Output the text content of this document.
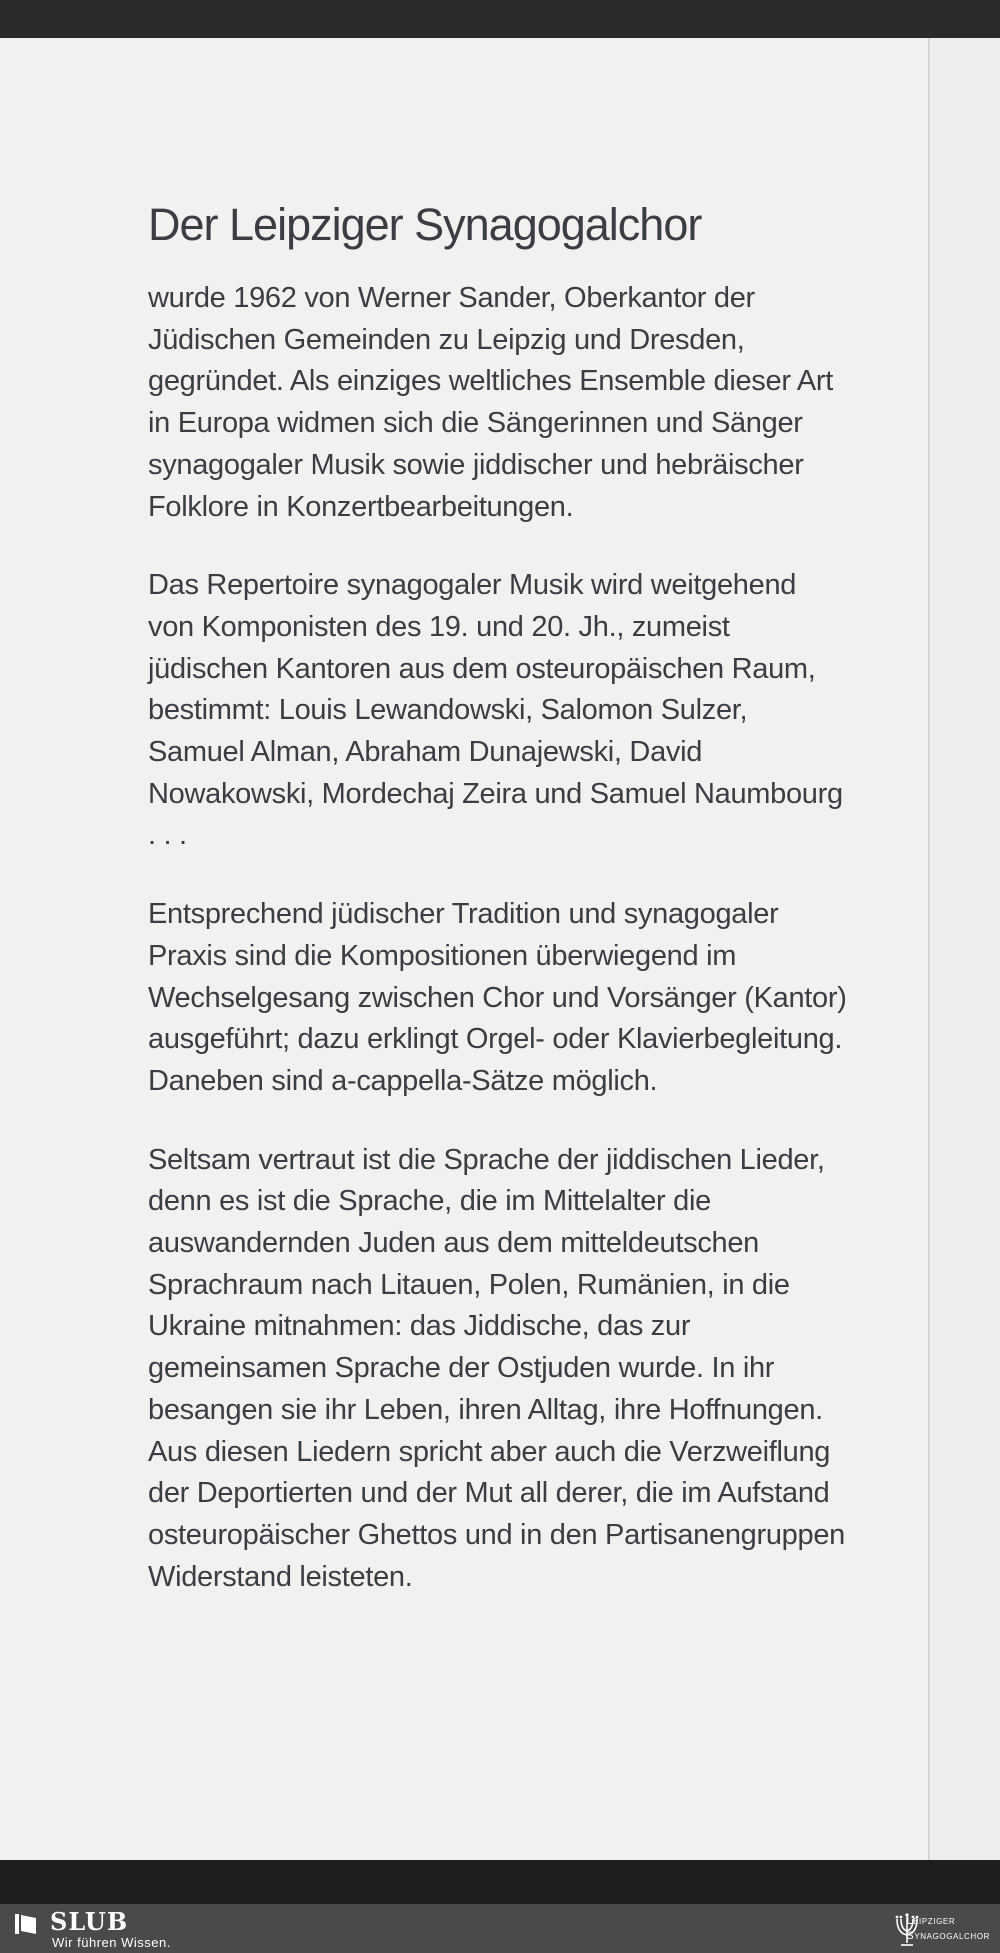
Der Leipziger Synagogalchor

wurde 1962 von Werner Sander, Oberkantor der Jüdischen Gemeinden zu Leipzig und Dresden, gegründet. Als einziges weltliches Ensemble dieser Art in Europa widmen sich die Sängerinnen und Sänger synagogaler Musik sowie jiddischer und hebräischer Folklore in Konzertbearbeitungen.

Das Repertoire synagogaler Musik wird weitgehend von Komponisten des 19. und 20. Jh., zumeist jüdischen Kantoren aus dem osteuropäischen Raum, bestimmt: Louis Lewandowski, Salomon Sulzer, Samuel Alman, Abraham Dunajewski, David Nowakowski, Mordechaj Zeira und Samuel Naumbourg . . .

Entsprechend jüdischer Tradition und synagogaler Praxis sind die Kompositionen überwiegend im Wechselgesang zwischen Chor und Vorsänger (Kantor) ausgeführt; dazu erklingt Orgel- oder Klavierbegleitung. Daneben sind a-cappella-Sätze möglich.

Seltsam vertraut ist die Sprache der jiddischen Lieder, denn es ist die Sprache, die im Mittelalter die auswandernden Juden aus dem mitteldeutschen Sprachraum nach Litauen, Polen, Rumänien, in die Ukraine mitnahmen: das Jiddische, das zur gemeinsamen Sprache der Ostjuden wurde. In ihr besangen sie ihr Leben, ihren Alltag, ihre Hoffnungen. Aus diesen Liedern spricht aber auch die Verzweiflung der Deportierten und der Mut all derer, die im Aufstand osteuropäischer Ghettos und in den Partisanengruppen Widerstand leisteten.

SLUB
Wir führen Wissen.
Leipziger
Synagogalchor
